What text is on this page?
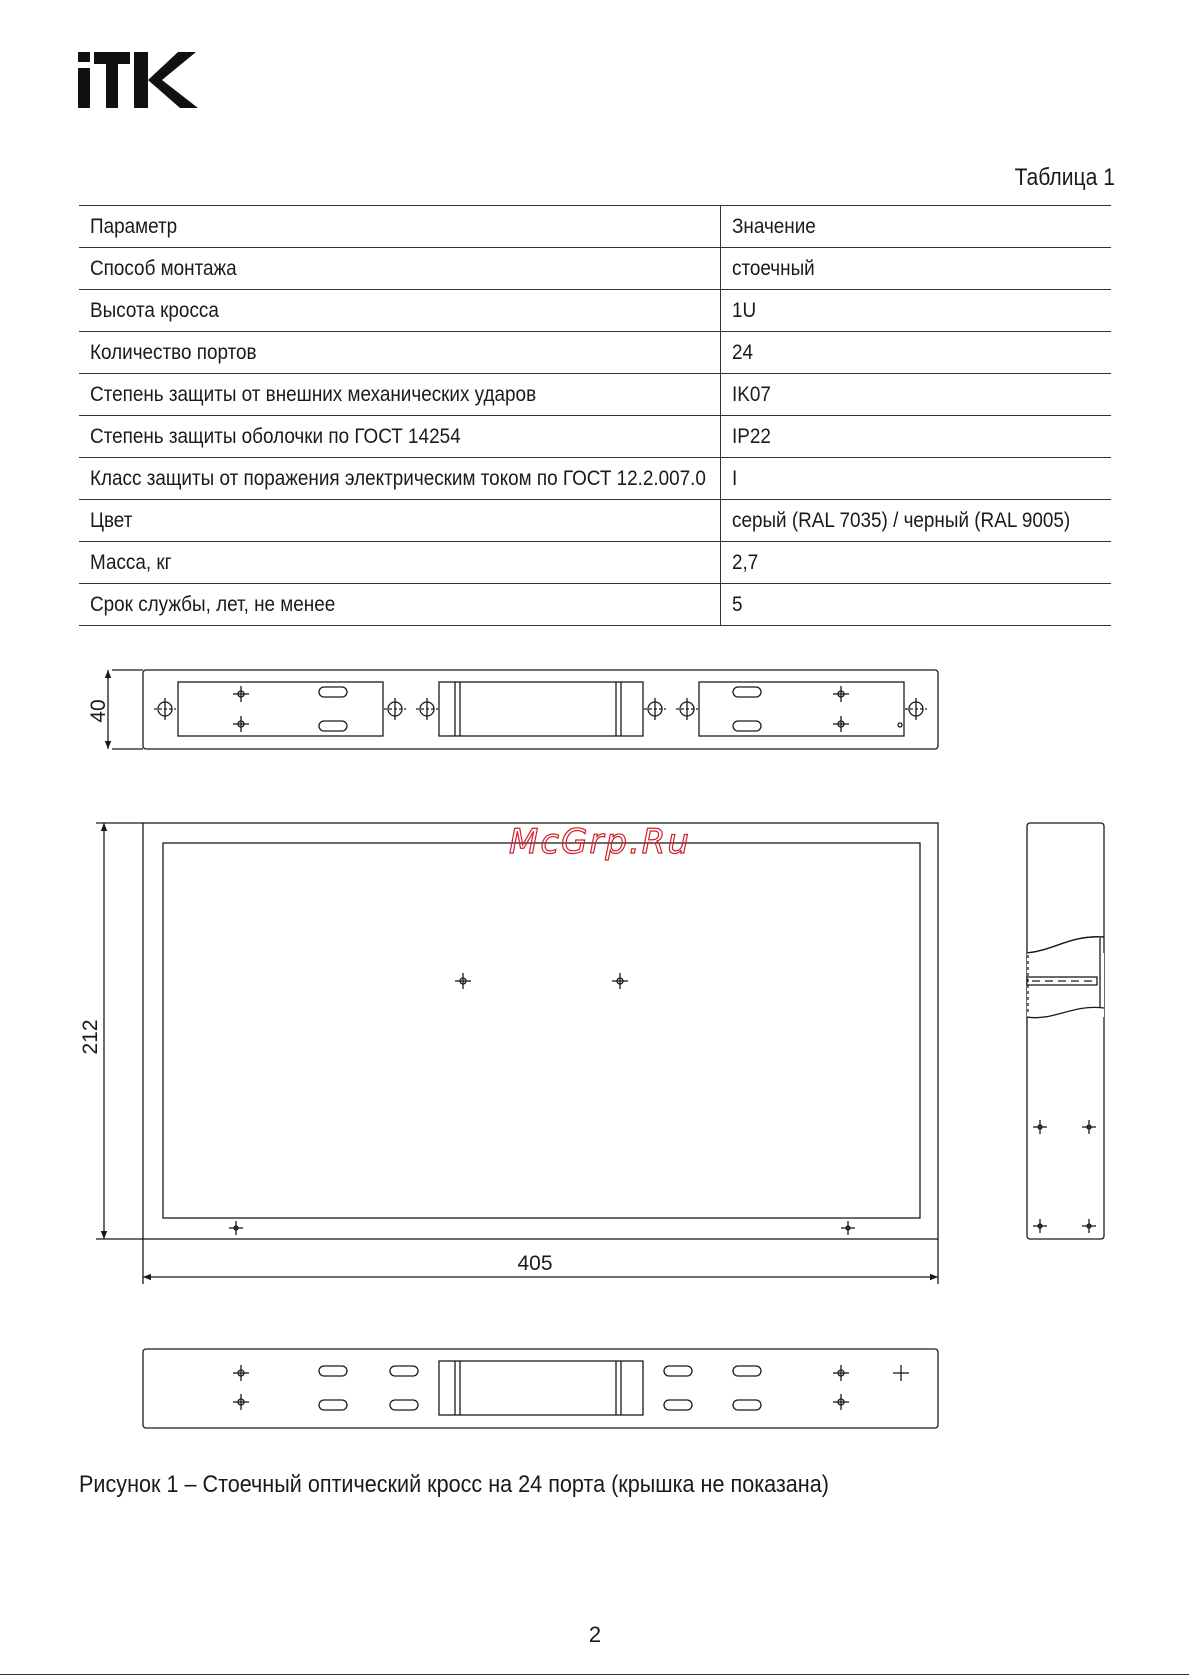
Таблица 1
Параметр	Значение
Способ монтажа	стоечный
Высота кросса	1U
Количество портов	24
Степень защиты от внешних механических ударов	IK07
Степень защиты оболочки по ГОСТ 14254	IP22
Класс защиты от поражения электрическим током по ГОСТ 12.2.007.0	I
Цвет	серый (RAL 7035) / черный (RAL 9005)
Масса, кг	2,7
Срок службы, лет, не менее	5
40
212
405
McGrp.Ru
Рисунок 1 – Стоечный оптический кросс на 24 порта (крышка не показана)
2
